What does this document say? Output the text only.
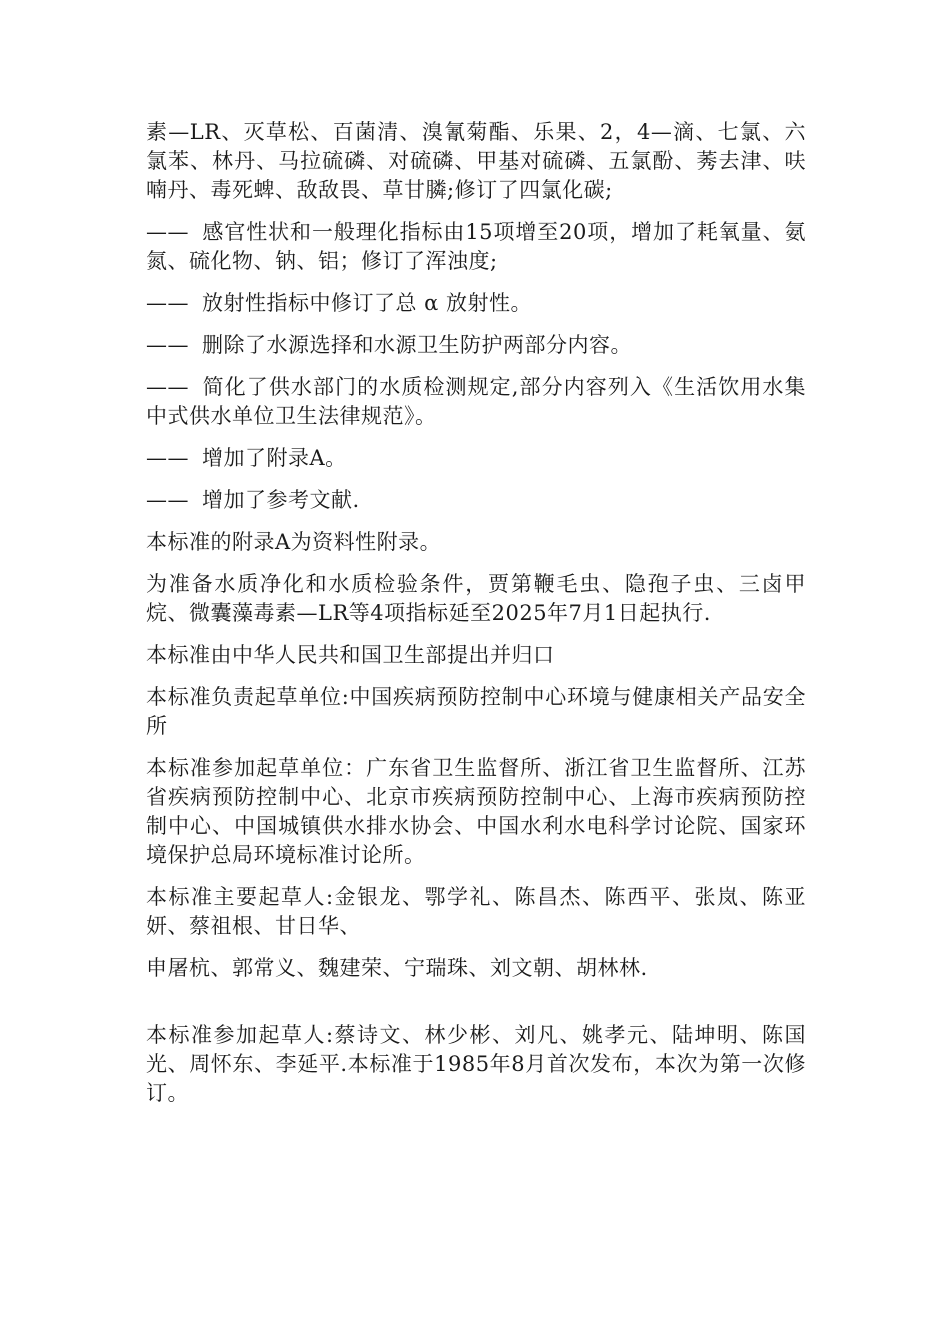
素—LR、灭草松、百菌清、溴氰菊酯、乐果、2，4—滴、七氯、六氯苯、林丹、马拉硫磷、对硫磷、甲基对硫磷、五氯酚、莠去津、呋喃丹、毒死蜱、敌敌畏、草甘膦;修订了四氯化碳;

—— 感官性状和一般理化指标由15项增至20项，增加了耗氧量、氨氮、硫化物、钠、铝；修订了浑浊度;

—— 放射性指标中修订了总 α 放射性。

—— 删除了水源选择和水源卫生防护两部分内容。

—— 简化了供水部门的水质检测规定,部分内容列入《生活饮用水集中式供水单位卫生法律规范》。

—— 增加了附录A。

—— 增加了参考文献.

本标准的附录A为资料性附录。

为准备水质净化和水质检验条件，贾第鞭毛虫、隐孢子虫、三卤甲烷、微囊藻毒素—LR等4项指标延至2025年7月1日起执行.

本标准由中华人民共和国卫生部提出并归口

本标准负责起草单位:中国疾病预防控制中心环境与健康相关产品安全所

本标准参加起草单位：广东省卫生监督所、浙江省卫生监督所、江苏省疾病预防控制中心、北京市疾病预防控制中心、上海市疾病预防控制中心、中国城镇供水排水协会、中国水利水电科学讨论院、国家环境保护总局环境标准讨论所。

本标准主要起草人:金银龙、鄂学礼、陈昌杰、陈西平、张岚、陈亚妍、蔡祖根、甘日华、

申屠杭、郭常义、魏建荣、宁瑞珠、刘文朝、胡林林.

本标准参加起草人:蔡诗文、林少彬、刘凡、姚孝元、陆坤明、陈国光、周怀东、李延平.本标准于1985年8月首次发布，本次为第一次修订。
